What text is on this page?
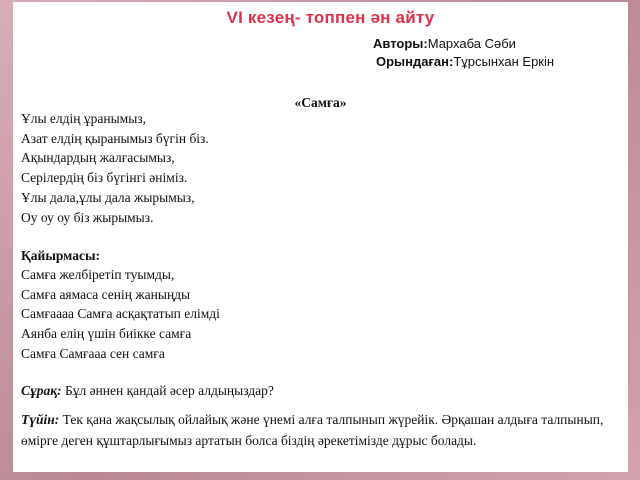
VI кезең- топпен ән айту
Авторы:Мархаба Сәби
Орындаған:Тұрсынхан Еркін
«Самға»
Ұлы елдің ұранымыз,
Азат елдің қыранымыз бүгін біз.
Ақындардың жалғасымыз,
Серілердің біз бүгінгі әніміз.
Ұлы дала,ұлы дала жырымыз,
Оу оу оу біз жырымыз.
Қайырмасы:
Самға желбіретіп туымды,
Самға аямаса сенің жаныңды
Самғаааа Самға асқақтатып елімді
Аянба елің үшін биікке самға
Самға Самғааа сен самға
Сұрақ: Бұл әннен қандай әсер алдыңыздар?
Түйін: Тек қана жақсылық ойлайық және үнемі алға талпынып жүрейік. Әрқашан алдыға талпынып, өмірге деген құштарлығымыз артатын болса біздің әрекетімізде дұрыс болады.
